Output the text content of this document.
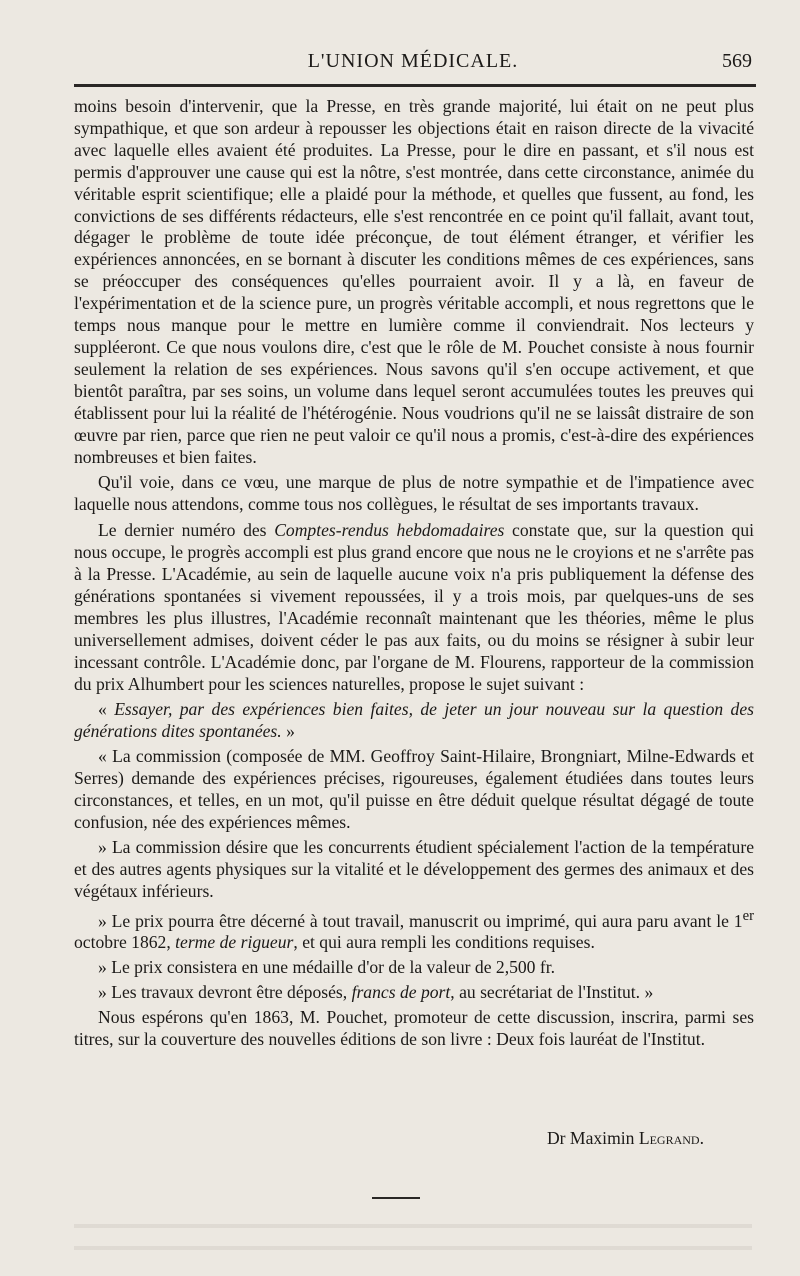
L'UNION MÉDICALE.	569

moins besoin d'intervenir, que la Presse, en très grande majorité, lui était on ne peut plus sympathique, et que son ardeur à repousser les objections était en raison directe de la vivacité avec laquelle elles avaient été produites. La Presse, pour le dire en passant, et s'il nous est permis d'approuver une cause qui est la nôtre, s'est montrée, dans cette circonstance, animée du véritable esprit scientifique; elle a plaidé pour la méthode, et quelles que fussent, au fond, les convictions de ses différents rédacteurs, elle s'est rencontrée en ce point qu'il fallait, avant tout, dégager le problème de toute idée préconçue, de tout élément étranger, et vérifier les expériences annoncées, en se bornant à discuter les conditions mêmes de ces expériences, sans se préoccuper des conséquences qu'elles pourraient avoir. Il y a là, en faveur de l'expérimentation et de la science pure, un progrès véritable accompli, et nous regrettons que le temps nous manque pour le mettre en lumière comme il conviendrait. Nos lecteurs y suppléeront. Ce que nous voulons dire, c'est que le rôle de M. Pouchet consiste à nous fournir seulement la relation de ses expériences. Nous savons qu'il s'en occupe activement, et que bientôt paraîtra, par ses soins, un volume dans lequel seront accumulées toutes les preuves qui établissent pour lui la réalité de l'hétérogénie. Nous voudrions qu'il ne se laissât distraire de son œuvre par rien, parce que rien ne peut valoir ce qu'il nous a promis, c'est-à-dire des expériences nombreuses et bien faites.

Qu'il voie, dans ce vœu, une marque de plus de notre sympathie et de l'impatience avec laquelle nous attendons, comme tous nos collègues, le résultat de ses importants travaux.

Le dernier numéro des Comptes-rendus hebdomadaires constate que, sur la question qui nous occupe, le progrès accompli est plus grand encore que nous ne le croyions et ne s'arrête pas à la Presse. L'Académie, au sein de laquelle aucune voix n'a pris publiquement la défense des générations spontanées si vivement repoussées, il y a trois mois, par quelques-uns de ses membres les plus illustres, l'Académie reconnaît maintenant que les théories, même le plus universellement admises, doivent céder le pas aux faits, ou du moins se résigner à subir leur incessant contrôle. L'Académie donc, par l'organe de M. Flourens, rapporteur de la commission du prix Alhumbert pour les sciences naturelles, propose le sujet suivant :

« Essayer, par des expériences bien faites, de jeter un jour nouveau sur la question des générations dites spontanées. »

« La commission (composée de MM. Geoffroy Saint-Hilaire, Brongniart, Milne-Edwards et Serres) demande des expériences précises, rigoureuses, également étudiées dans toutes leurs circonstances, et telles, en un mot, qu'il puisse en être déduit quelque résultat dégagé de toute confusion, née des expériences mêmes.

» La commission désire que les concurrents étudient spécialement l'action de la température et des autres agents physiques sur la vitalité et le développement des germes des animaux et des végétaux inférieurs.

» Le prix pourra être décerné à tout travail, manuscrit ou imprimé, qui aura paru avant le 1er octobre 1862, terme de rigueur, et qui aura rempli les conditions requises.

» Le prix consistera en une médaille d'or de la valeur de 2,500 fr.

» Les travaux devront être déposés, francs de port, au secrétariat de l'Institut. »

Nous espérons qu'en 1863, M. Pouchet, promoteur de cette discussion, inscrira, parmi ses titres, sur la couverture des nouvelles éditions de son livre : Deux fois lauréat de l'Institut.

Dr Maximin Legrand.
